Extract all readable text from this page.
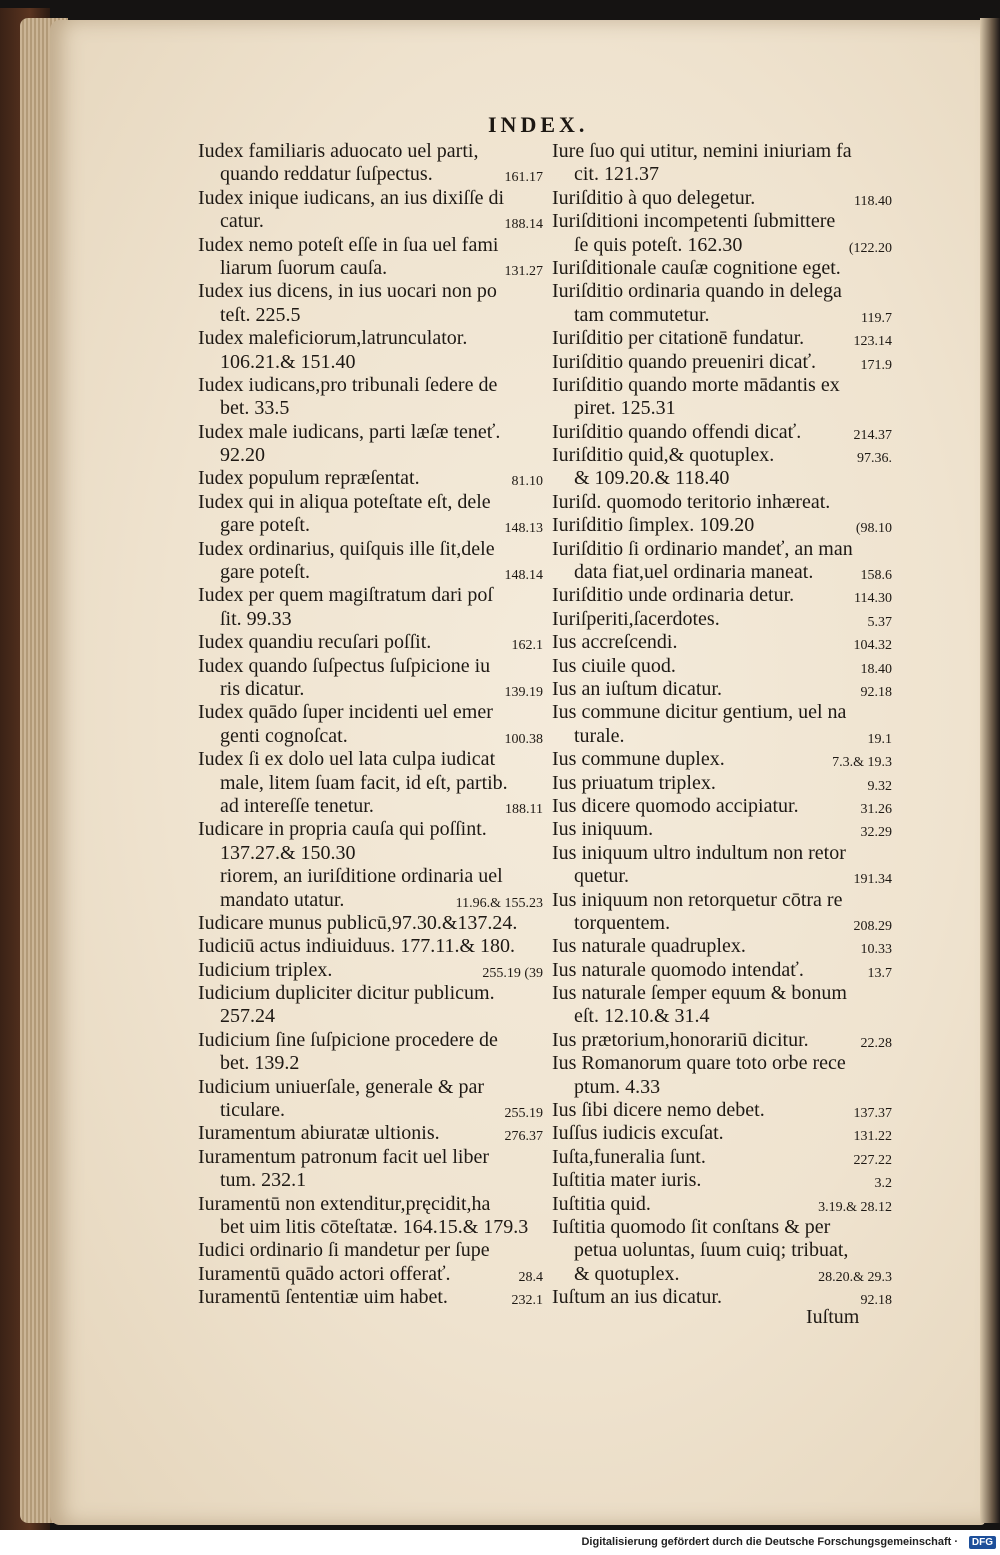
INDEX.
Iudex familiaris aduocato uel parti,
quando reddatur ſuſpectus.	161.17
Iudex inique iudicans, an ius dixiſſe di
catur.	188.14
Iudex nemo poteſt eſſe in ſua uel fami
liarum ſuorum cauſa.	131.27
Iudex ius dicens, in ius uocari non po
teſt. 225.5
Iudex maleficiorum,latrunculator.
106.21.& 151.40
Iudex iudicans,pro tribunali ſedere de
bet. 33.5
Iudex male iudicans, parti læſæ teneť.
92.20
Iudex populum repræſentat.	81.10
Iudex qui in aliqua poteſtate eſt, dele
gare poteſt.	148.13
Iudex ordinarius, quiſquis ille ſit,dele
gare poteſt.	148.14
Iudex per quem magiſtratum dari poſ
ſit. 99.33
Iudex quandiu recuſari poſſit.	162.1
Iudex quando ſuſpectus ſuſpicione iu
ris dicatur.	139.19
Iudex quādo ſuper incidenti uel emer
genti cognoſcat.	100.38
Iudex ſi ex dolo uel lata culpa iudicat
male, litem ſuam facit, id eſt, partib.
ad intereſſe tenetur.	188.11
Iudicare in propria cauſa qui poſſint.
137.27.& 150.30
riorem, an iuriſditione ordinaria uel
mandato utatur.	11.96.& 155.23
Iudicare munus publicū,97.30.&137.24.
Iudiciū actus indiuiduus. 177.11.& 180.
Iudicium triplex.	255.19 (39
Iudicium dupliciter dicitur publicum.
257.24
Iudicium ſine ſuſpicione procedere de
bet. 139.2
Iudicium uniuerſale, generale & par
ticulare.	255.19
Iuramentum abiuratæ ultionis.	276.37
Iuramentum patronum facit uel liber
tum. 232.1
Iuramentū non extenditur,pręcidit,ha
bet uim litis cōteſtatæ. 164.15.& 179.3
Iudici ordinario ſi mandetur per ſupe
Iuramentū quādo actori offerať.	28.4
Iuramentū ſententiæ uim habet.	232.1
Iure ſuo qui utitur, nemini iniuriam fa
cit. 121.37
Iuriſditio à quo delegetur.	118.40
Iuriſditioni incompetenti ſubmittere
ſe quis poteſt. 162.30	(122.20
Iuriſditionale cauſæ cognitione eget.
Iuriſditio ordinaria quando in delega
tam commutetur.	119.7
Iuriſditio per citationē fundatur.	123.14
Iuriſditio quando preueniri dicať.	171.9
Iuriſditio quando morte mādantis ex
piret. 125.31
Iuriſditio quando offendi dicať.	214.37
Iuriſditio quid,& quotuplex.	97.36.
& 109.20.& 118.40
Iuriſd. quomodo teritorio inhæreat.
Iuriſditio ſimplex. 109.20	(98.10
Iuriſditio ſi ordinario mandeť, an man
data fiat,uel ordinaria maneat.	158.6
Iuriſditio unde ordinaria detur.	114.30
Iuriſperiti,ſacerdotes.	5.37
Ius accreſcendi.	104.32
Ius ciuile quod.	18.40
Ius an iuſtum dicatur.	92.18
Ius commune dicitur gentium, uel na
turale.	19.1
Ius commune duplex.	7.3.& 19.3
Ius priuatum triplex.	9.32
Ius dicere quomodo accipiatur.	31.26
Ius iniquum.	32.29
Ius iniquum ultro indultum non retor
quetur.	191.34
Ius iniquum non retorquetur cōtra re
torquentem.	208.29
Ius naturale quadruplex.	10.33
Ius naturale quomodo intendať.	13.7
Ius naturale ſemper equum & bonum
eſt. 12.10.& 31.4
Ius prætorium,honorariū dicitur.	22.28
Ius Romanorum quare toto orbe rece
ptum. 4.33
Ius ſibi dicere nemo debet.	137.37
Iuſſus iudicis excuſat.	131.22
Iuſta,funeralia ſunt.	227.22
Iuſtitia mater iuris.	3.2
Iuſtitia quid.	3.19.& 28.12
Iuſtitia quomodo ſit conſtans & per
petua uoluntas, ſuum cuiq; tribuat,
& quotuplex.	28.20.& 29.3
Iuſtum an ius dicatur.	92.18
Iuſtum
Digitalisierung gefördert durch die Deutsche Forschungsgemeinschaft ·	DFG
